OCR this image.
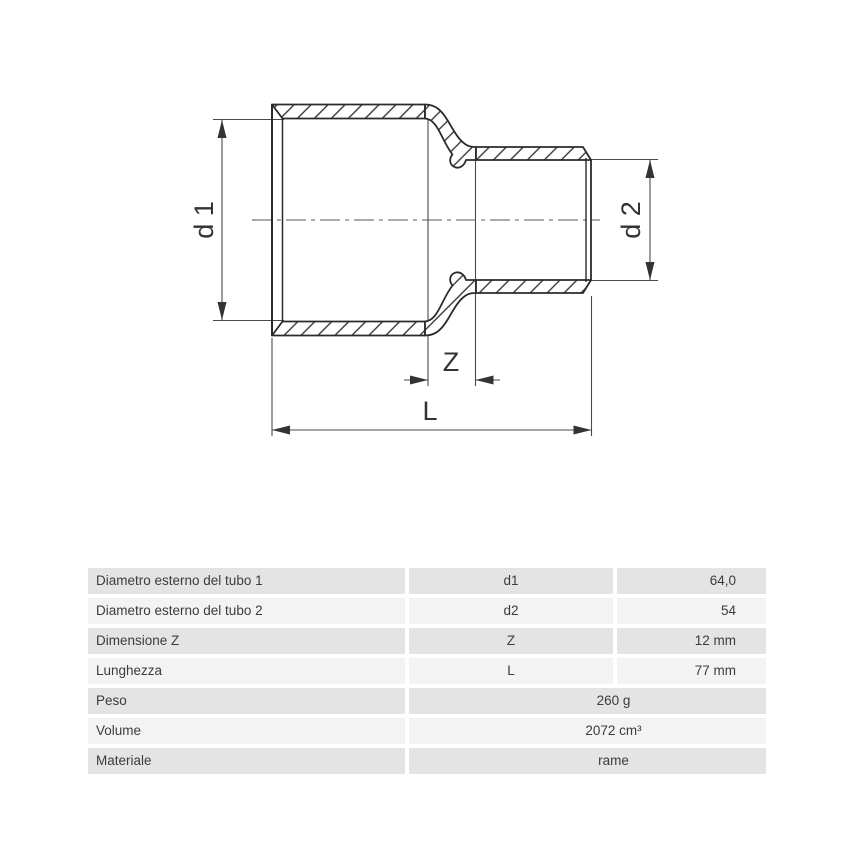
d 1	d 2
Z
L
Diametro esterno del tubo 1	d1	64,0
Diametro esterno del tubo 2	d2	54
Dimensione Z	Z	12 mm
Lunghezza	L	77 mm
Peso	260 g
Volume	2072 cm³
Materiale	rame
